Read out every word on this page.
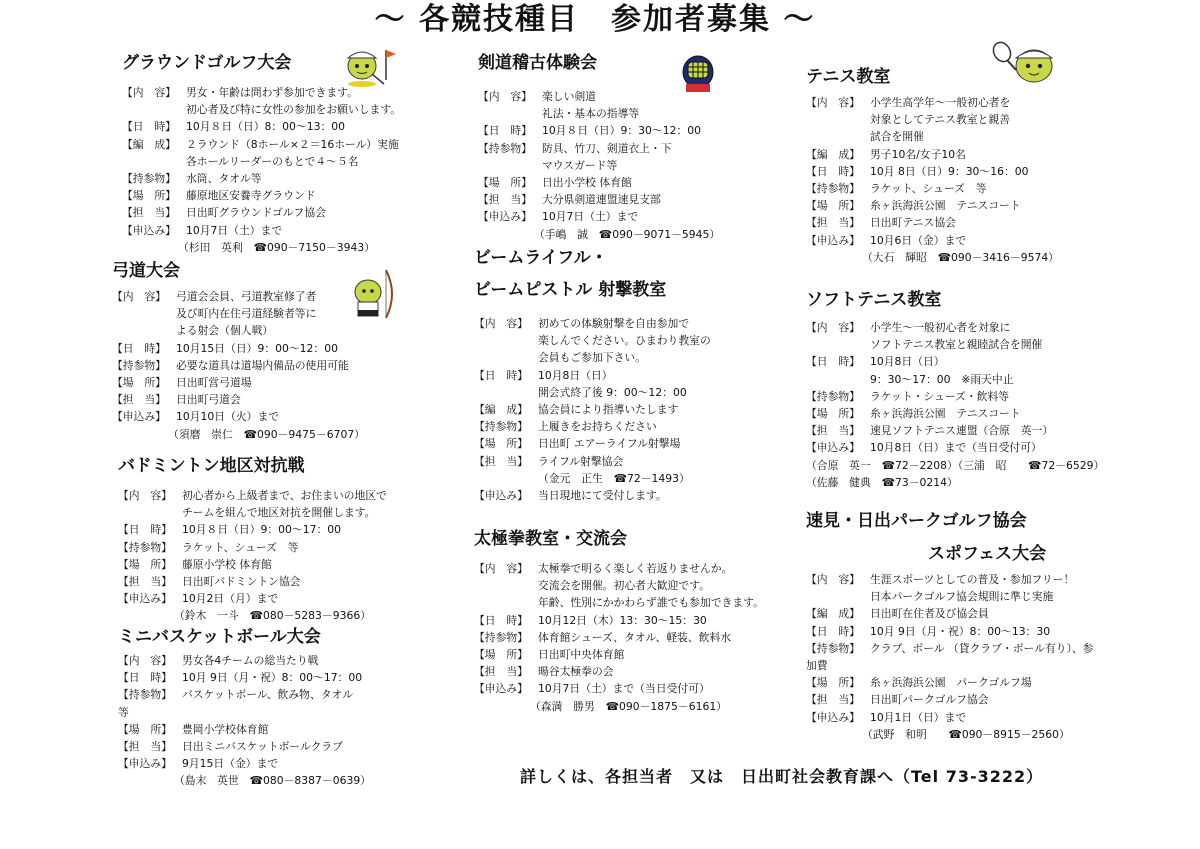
～ 各競技種目　参加者募集 ～
グラウンドゴルフ大会
【内　容】 男女・年齢は問わず参加できます。
初心者及び特に女性の参加をお願いします。
【日　時】 10月８日（日）8：00～13：00
【編　成】 ２ラウンド（8ホール×２＝16ホール）実施
各ホールリーダーのもとで４～５名
【持参物】 水筒、タオル等
【場　所】 藤原地区安養寺グラウンド
【担　当】 日出町グラウンドゴルフ協会
【申込み】 10月7日（土）まで
（杉田　英利　☎090－7150－3943）
弓道大会
【内　容】 弓道会会員、弓道教室修了者
及び町内在住弓道経験者等に
よる射会（個人戦）
【日　時】 10月15日（日）9：00～12：00
【持参物】 必要な道具は道場内備品の使用可能
【場　所】 日出町営弓道場
【担　当】 日出町弓道会
【申込み】 10月10日（火）まで
（須磨　崇仁　☎090－9475－6707）
バドミントン地区対抗戦
【内　容】 初心者から上級者まで、お住まいの地区で
チームを組んで地区対抗を開催します。
【日　時】 10月８日（日）9：00～17：00
【持参物】 ラケット、シューズ　等
【場　所】 藤原小学校 体育館
【担　当】 日出町バドミントン協会
【申込み】 10月2日（月）まで
（鈴木　一斗　☎080－5283－9366）
ミニバスケットボール大会
【内　容】 男女各4チームの総当たり戦
【日　時】 10月 9日（月・祝）8：00～17：00
【持参物】 バスケットボール、飲み物、タオル
等
【場　所】 豊岡小学校体育館
【担　当】 日出ミニバスケットボールクラブ
【申込み】 9月15日（金）まで
（島末　英世　☎080－8387－0639）
剣道稽古体験会
【内　容】 楽しい剣道
礼法・基本の指導等
【日　時】 10月８日（日）9：30～12：00
【持参物】 防具、竹刀、剣道衣上・下
マウスガード等
【場　所】 日出小学校 体育館
【担　当】 大分県剣道連盟速見支部
【申込み】 10月7日（土）まで
（手嶋　誠　☎090－9071－5945）
ビームライフル・
ビームピストル 射撃教室
【内　容】 初めての体験射撃を自由参加で
楽しんでください。ひまわり教室の
会員もご参加下さい。
【日　時】 10月8日（日）
開会式終了後 9：00～12：00
【編　成】 協会員により指導いたします
【持参物】 上履きをお持ちください
【場　所】 日出町 エアーライフル射撃場
【担　当】 ライフル射撃協会
（金元　正生　☎72－1493）
【申込み】 当日現地にて受付します。
太極拳教室・交流会
【内　容】 太極拳で明るく楽しく若返りませんか。
交流会を開催。初心者大歓迎です。
年齢、性別にかかわらず誰でも参加できます。
【日　時】 10月12日（木）13：30～15：30
【持参物】 体育館シューズ、タオル、軽装、飲料水
【場　所】 日出町中央体育館
【担　当】 暘谷太極拳の会
【申込み】 10月7日（土）まで（当日受付可）
（森満　勝男　☎090－1875－6161）
テニス教室
【内　容】 小学生高学年～一般初心者を
対象としてテニス教室と親善
試合を開催
【編　成】 男子10名/女子10名
【日　時】 10月 8日（日）9：30～16：00
【持参物】 ラケット、シューズ　等
【場　所】 糸ヶ浜海浜公園　テニスコート
【担　当】 日出町テニス協会
【申込み】 10月6日（金）まで
（大石　輝昭　☎090－3416－9574）
ソフトテニス教室
【内　容】 小学生～一般初心者を対象に
ソフトテニス教室と親睦試合を開催
【日　時】 10月8日（日）
9：30～17：00　※雨天中止
【持参物】 ラケット・シューズ・飲料等
【場　所】 糸ヶ浜海浜公園　テニスコート
【担　当】 速見ソフトテニス連盟（合原　英一）
【申込み】 10月8日（日）まで（当日受付可）
（合原　英一　☎72－2208）（三浦　昭　　☎72－6529）
（佐藤　健典　☎73－0214）
速見・日出パークゴルフ協会
スポフェス大会
【内　容】 生涯スポーツとしての普及・参加フリー！
日本パークゴルフ協会規則に準じ実施
【編　成】 日出町在住者及び協会員
【日　時】 10月 9日（月・祝）8：00～13：30
【持参物】 クラブ、ボール （貸クラブ・ボール有り）、参
加費
【場　所】 糸ヶ浜海浜公園　パークゴルフ場
【担　当】 日出町パークゴルフ協会
【申込み】 10月1日（日）まで
（武野　和明　　☎090－8915－2560）
詳しくは、各担当者　又は　日出町社会教育課へ（Tel 73-3222）
